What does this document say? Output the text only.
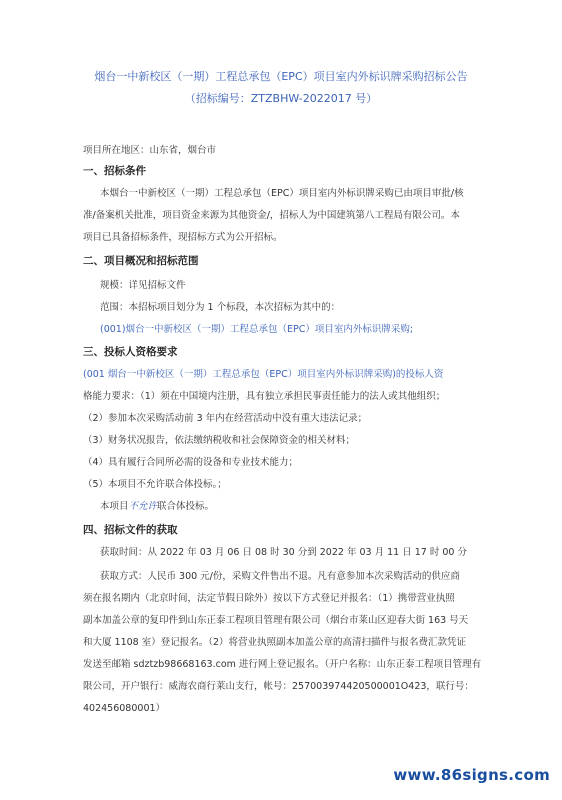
烟台一中新校区（一期）工程总承包（EPC）项目室内外标识牌采购招标公告
（招标编号：ZTZBHW-2022017 号）
项目所在地区：山东省，烟台市
一、招标条件
本烟台一中新校区（一期）工程总承包（EPC）项目室内外标识牌采购已由项目审批/核
准/备案机关批准，项目资金来源为其他资金/，招标人为中国建筑第八工程局有限公司。本
项目已具备招标条件，现招标方式为公开招标。
二、项目概况和招标范围
规模：详见招标文件
范围：本招标项目划分为 1 个标段，本次招标为其中的：
(001)烟台一中新校区（一期）工程总承包（EPC）项目室内外标识牌采购;
三、投标人资格要求
(001 烟台一中新校区（一期）工程总承包（EPC）项目室内外标识牌采购)的投标人资
格能力要求：（1）须在中国境内注册，具有独立承担民事责任能力的法人或其他组织；
（2）参加本次采购活动前 3 年内在经营活动中没有重大违法记录；
（3）财务状况报告，依法缴纳税收和社会保障资金的相关材料；
（4）具有履行合同所必需的设备和专业技术能力；
（5）本项目不允许联合体投标。；
本项目不允许联合体投标。
四、招标文件的获取
获取时间：从 2022 年 03 月 06 日 08 时 30 分到 2022 年 03 月 11 日 17 时 00 分
获取方式：人民币 300 元/份，采购文件售出不退。凡有意参加本次采购活动的供应商
须在报名期内（北京时间，法定节假日除外）按以下方式登记并报名：（1）携带营业执照
副本加盖公章的复印件到山东正泰工程项目管理有限公司（烟台市莱山区迎春大街 163 号天
和大厦 1108 室）登记报名。（2）将营业执照副本加盖公章的高清扫描件与报名费汇款凭证
发送至邮箱 sdztzb98668163.com 进行网上登记报名。（开户名称：山东正泰工程项目管理有
限公司，开户银行：威海农商行莱山支行，帐号：257003974420500001O423，联行号：
402456080001）
www.86signs.com
